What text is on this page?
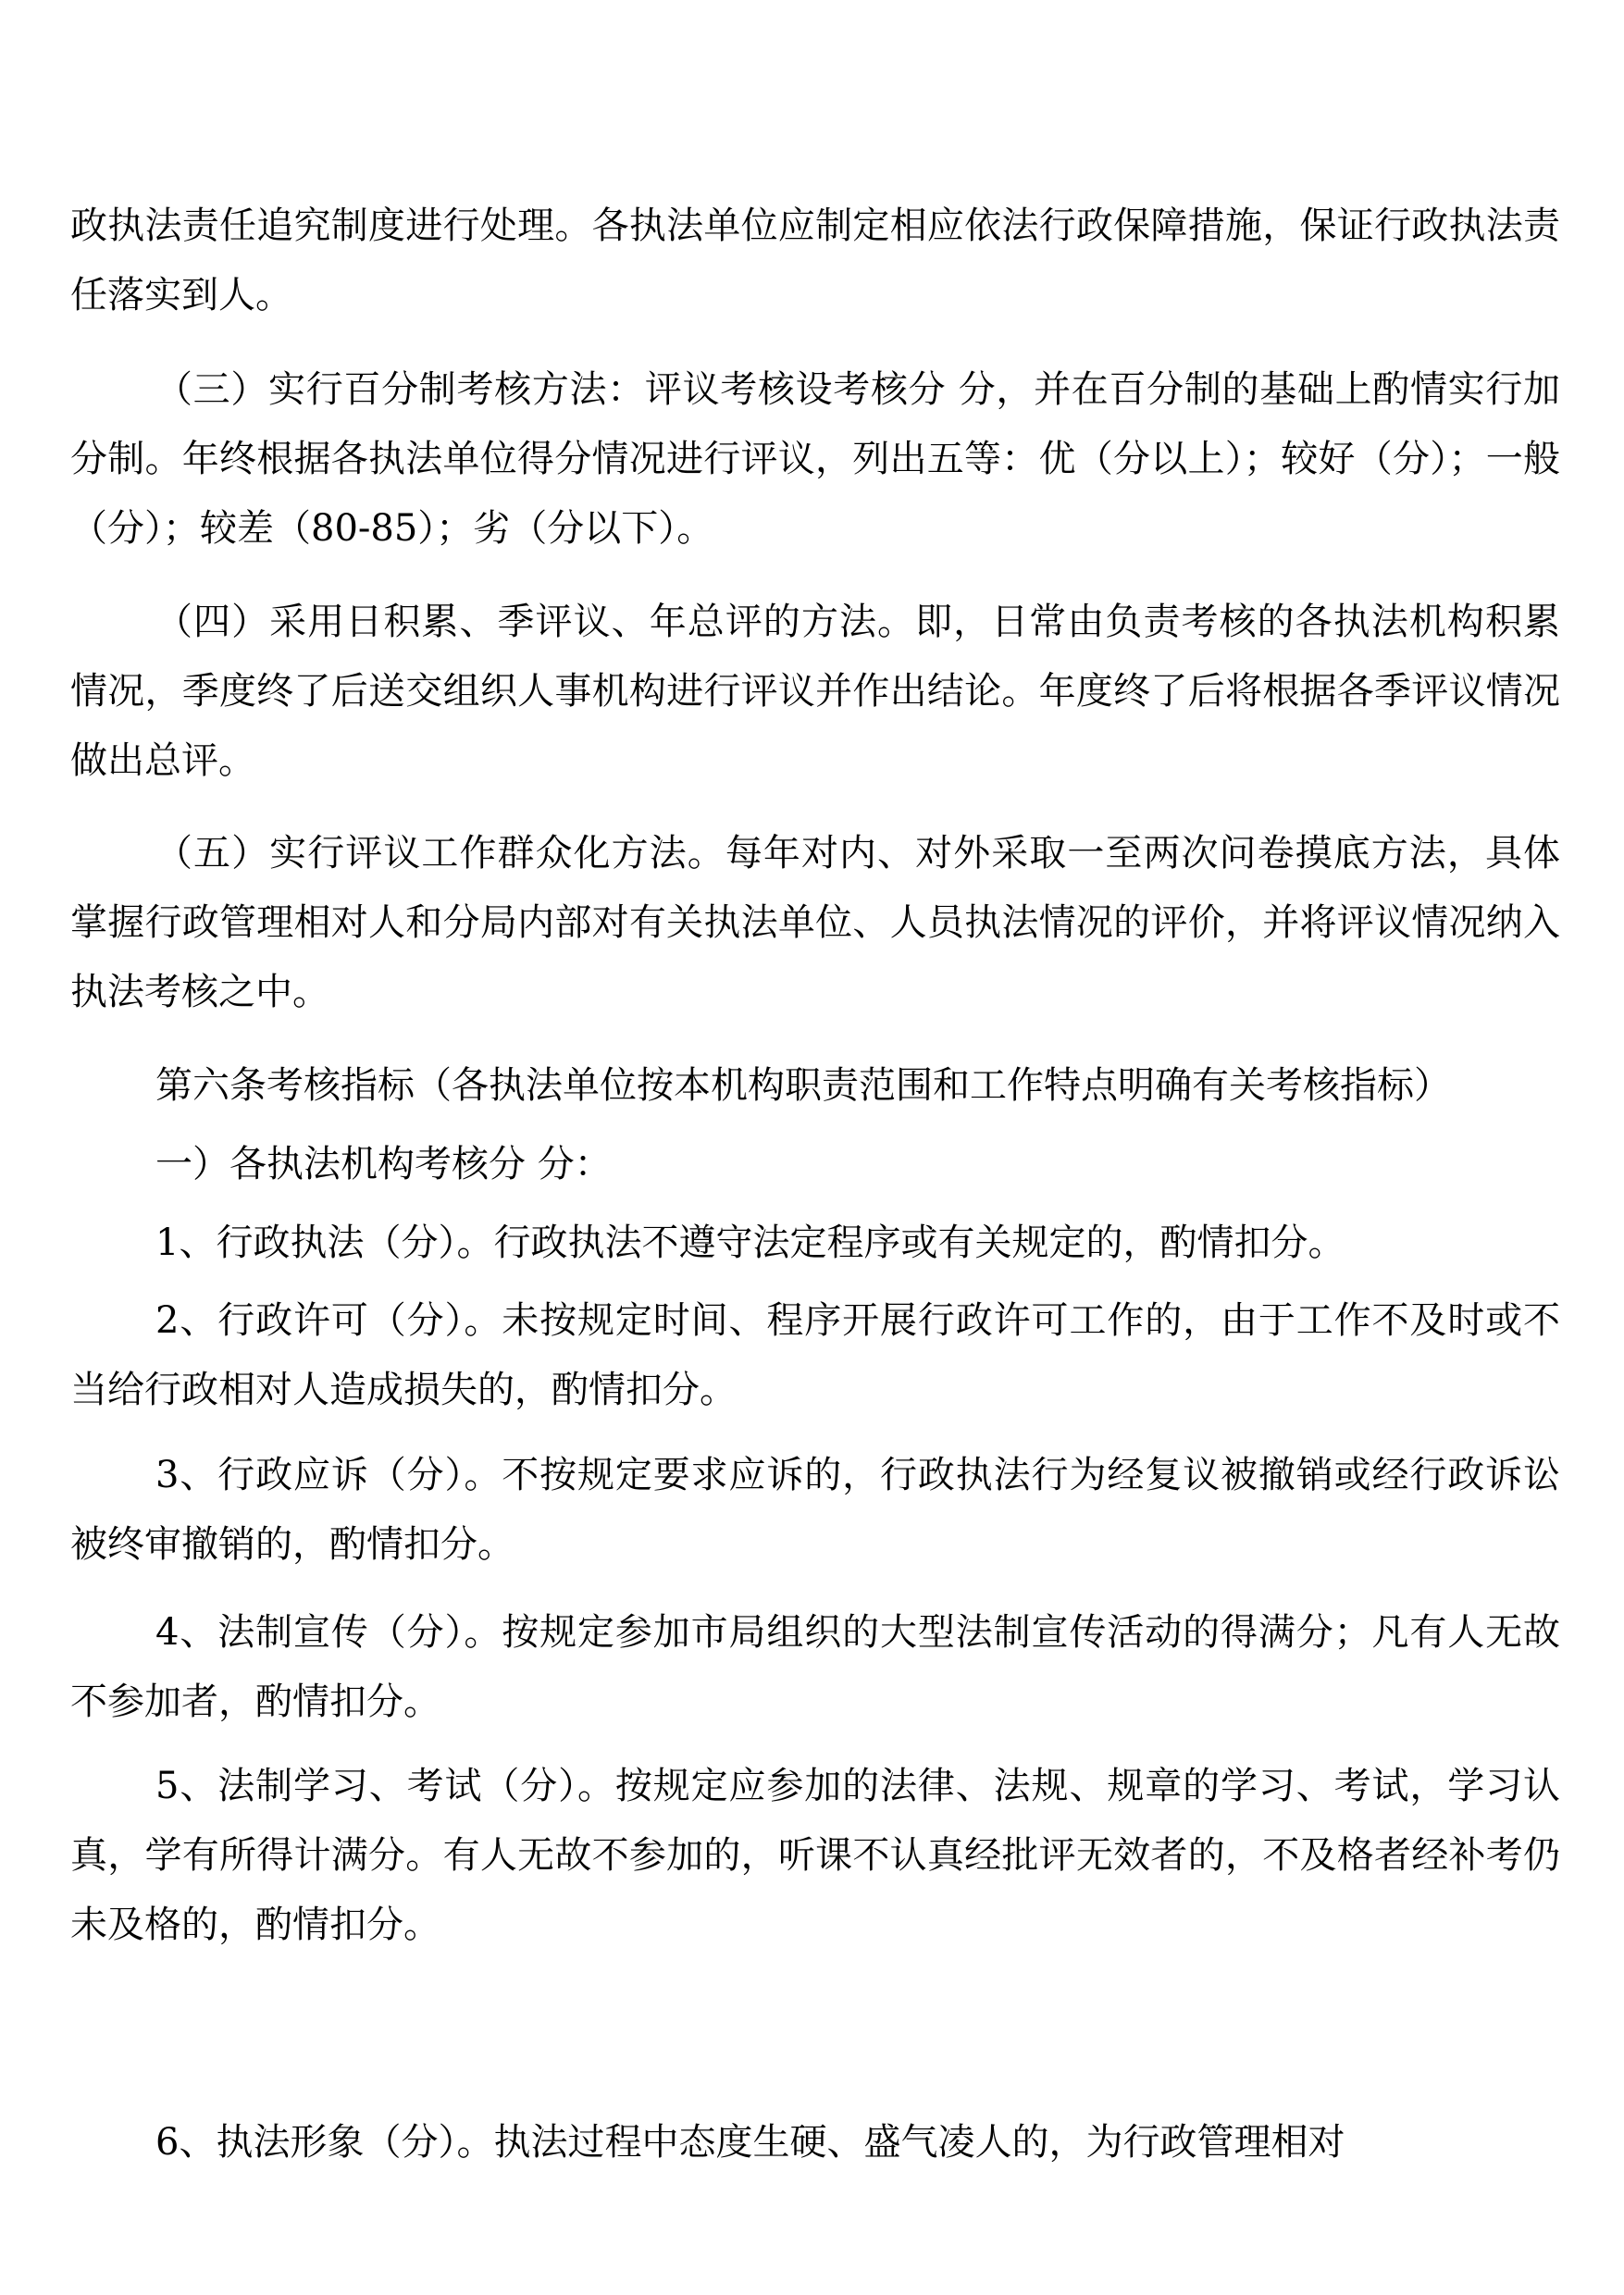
政执法责任追究制度进行处理。各执法单位应制定相应依法行政保障措施，保证行政执法责任落实到人。

（三）实行百分制考核方法：评议考核设考核分 分，并在百分制的基础上酌情实行加分制。年终根据各执法单位得分情况进行评议，列出五等：优（分以上）；较好（分）；一般（分）；较差（80-85）；劣（分以下）。

（四）采用日积累、季评议、年总评的方法。即，日常由负责考核的各执法机构积累情况，季度终了后送交组织人事机构进行评议并作出结论。年度终了后将根据各季评议情况做出总评。

（五）实行评议工作群众化方法。每年对内、对外采取一至两次问卷摸底方法，具体掌握行政管理相对人和分局内部对有关执法单位、人员执法情况的评价，并将评议情况纳入执法考核之中。

第六条考核指标（各执法单位按本机构职责范围和工作特点明确有关考核指标）

一）各执法机构考核分 分：

1、行政执法（分）。行政执法不遵守法定程序或有关规定的，酌情扣分。

2、行政许可（分）。未按规定时间、程序开展行政许可工作的，由于工作不及时或不当给行政相对人造成损失的，酌情扣分。

3、行政应诉（分）。不按规定要求应诉的，行政执法行为经复议被撤销或经行政诉讼被终审撤销的，酌情扣分。

4、法制宣传（分）。按规定参加市局组织的大型法制宣传活动的得满分；凡有人无故不参加者，酌情扣分。

5、法制学习、考试（分）。按规定应参加的法律、法规、规章的学习、考试，学习认真，学有所得计满分。有人无故不参加的，听课不认真经批评无效者的，不及格者经补考仍未及格的，酌情扣分。

6、执法形象（分）。执法过程中态度生硬、盛气凌人的，为行政管理相对
